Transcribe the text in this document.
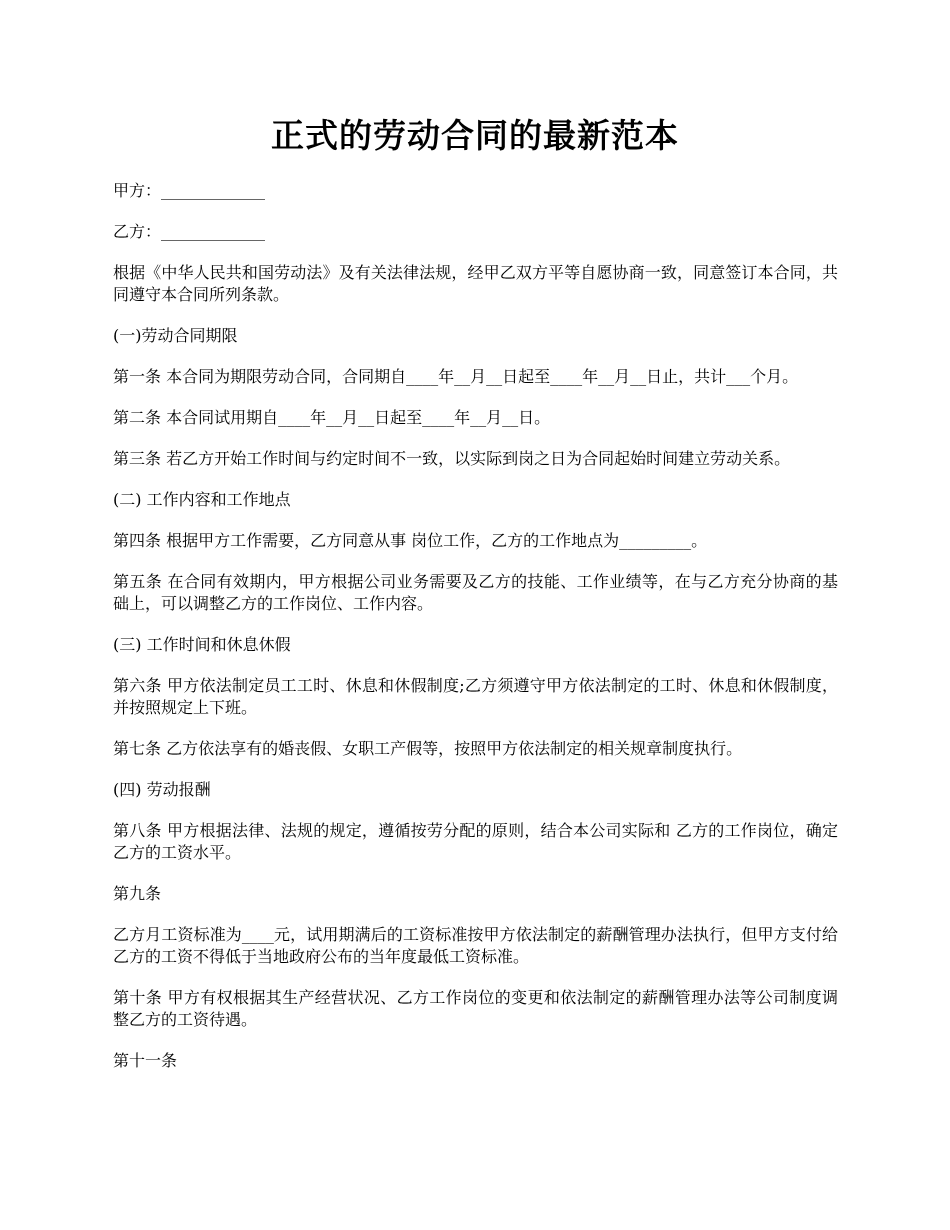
正式的劳动合同的最新范本

甲方：_____________

乙方：_____________

根据《中华人民共和国劳动法》及有关法律法规，经甲乙双方平等自愿协商一致，同意签订本合同，共同遵守本合同所列条款。

(一)劳动合同期限

第一条 本合同为期限劳动合同，合同期自____年__月__日起至____年__月__日止，共计___个月。

第二条 本合同试用期自____年__月__日起至____年__月__日。

第三条 若乙方开始工作时间与约定时间不一致，以实际到岗之日为合同起始时间建立劳动关系。

(二) 工作内容和工作地点

第四条 根据甲方工作需要，乙方同意从事 岗位工作，乙方的工作地点为_________。

第五条 在合同有效期内，甲方根据公司业务需要及乙方的技能、工作业绩等，在与乙方充分协商的基础上，可以调整乙方的工作岗位、工作内容。

(三) 工作时间和休息休假

第六条 甲方依法制定员工工时、休息和休假制度;乙方须遵守甲方依法制定的工时、休息和休假制度，并按照规定上下班。

第七条 乙方依法享有的婚丧假、女职工产假等，按照甲方依法制定的相关规章制度执行。

(四) 劳动报酬

第八条 甲方根据法律、法规的规定，遵循按劳分配的原则，结合本公司实际和 乙方的工作岗位，确定乙方的工资水平。

第九条

乙方月工资标准为____元，试用期满后的工资标准按甲方依法制定的薪酬管理办法执行，但甲方支付给乙方的工资不得低于当地政府公布的当年度最低工资标准。

第十条 甲方有权根据其生产经营状况、乙方工作岗位的变更和依法制定的薪酬管理办法等公司制度调整乙方的工资待遇。

第十一条
